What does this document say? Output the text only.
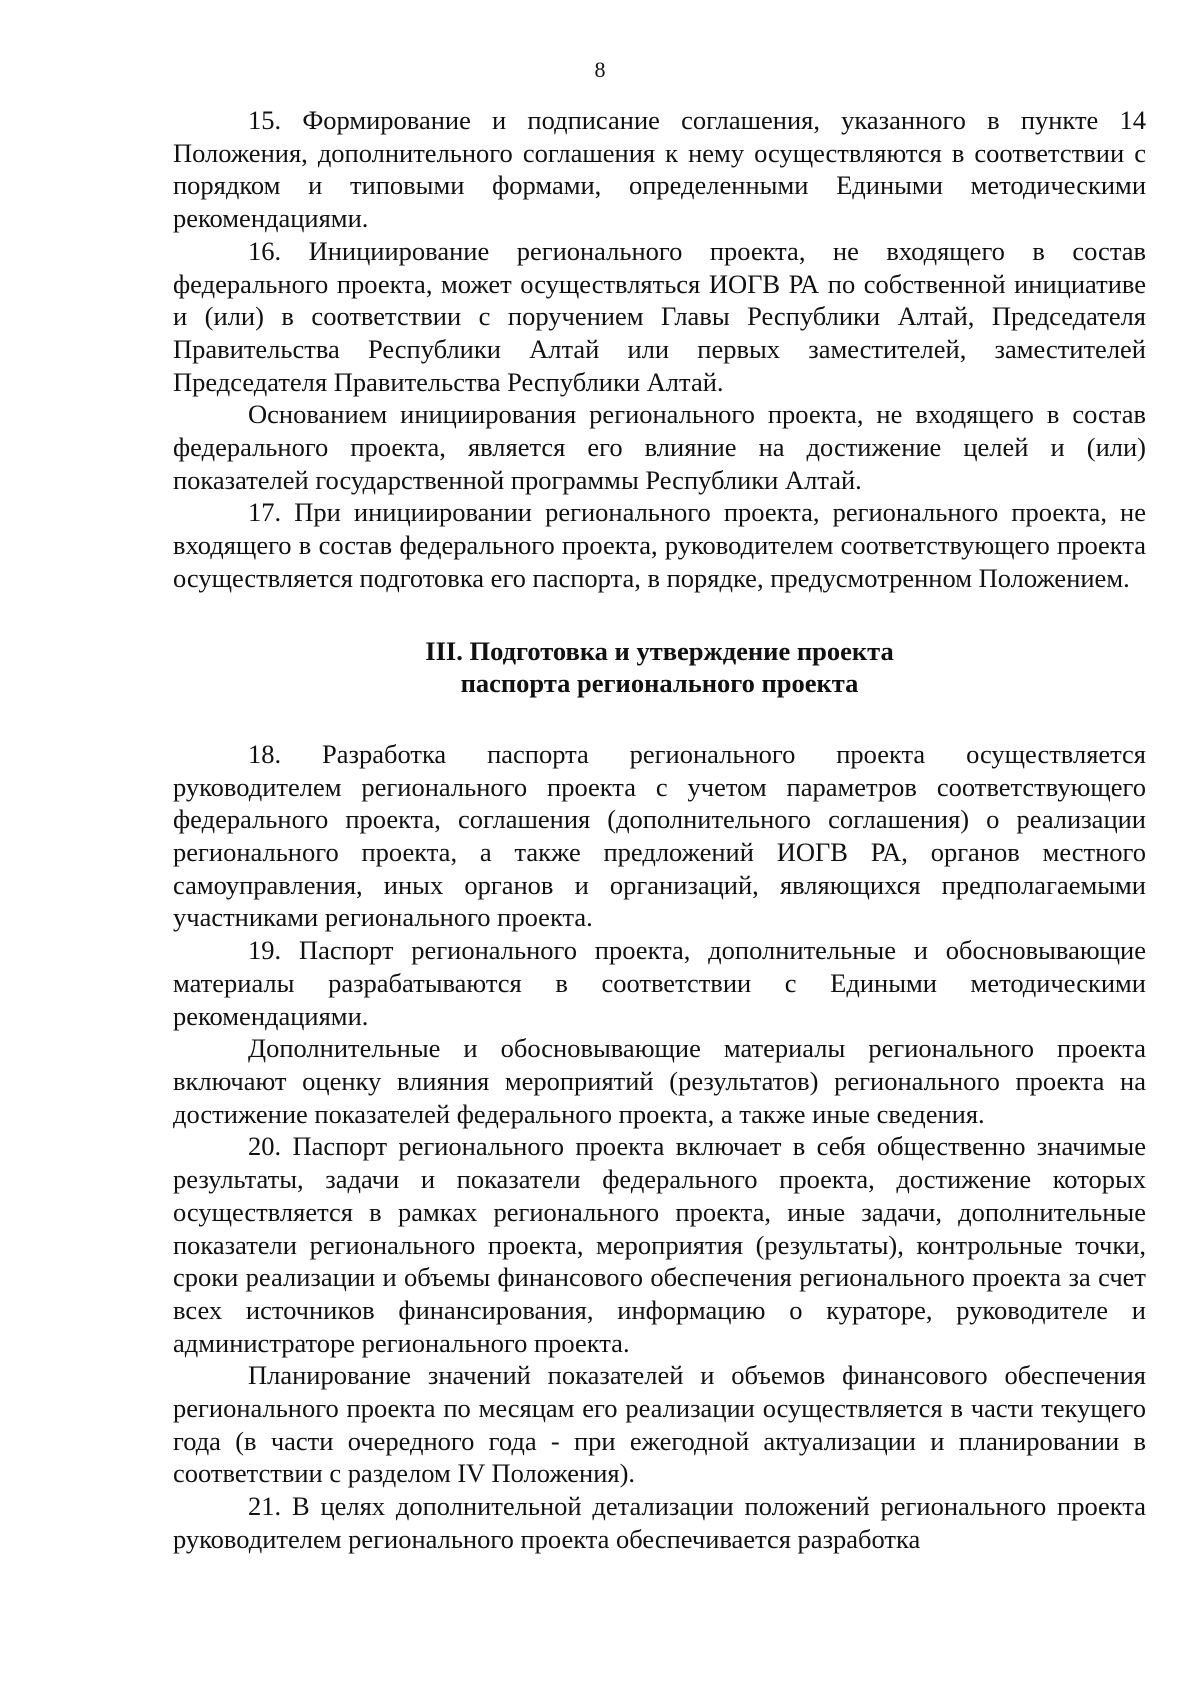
8

15. Формирование и подписание соглашения, указанного в пункте 14 Положения, дополнительного соглашения к нему осуществляются в соответствии с порядком и типовыми формами, определенными Едиными методическими рекомендациями.

16. Инициирование регионального проекта, не входящего в состав федерального проекта, может осуществляться ИОГВ РА по собственной инициативе и (или) в соответствии с поручением Главы Республики Алтай, Председателя Правительства Республики Алтай или первых заместителей, заместителей Председателя Правительства Республики Алтай.

Основанием инициирования регионального проекта, не входящего в состав федерального проекта, является его влияние на достижение целей и (или) показателей государственной программы Республики Алтай.

17. При инициировании регионального проекта, регионального проекта, не входящего в состав федерального проекта, руководителем соответствующего проекта осуществляется подготовка его паспорта, в порядке, предусмотренном Положением.

III. Подготовка и утверждение проекта
паспорта регионального проекта

18. Разработка паспорта регионального проекта осуществляется руководителем регионального проекта с учетом параметров соответствующего федерального проекта, соглашения (дополнительного соглашения) о реализации регионального проекта, а также предложений ИОГВ РА, органов местного самоуправления, иных органов и организаций, являющихся предполагаемыми участниками регионального проекта.

19. Паспорт регионального проекта, дополнительные и обосновывающие материалы разрабатываются в соответствии с Едиными методическими рекомендациями.

Дополнительные и обосновывающие материалы регионального проекта включают оценку влияния мероприятий (результатов) регионального проекта на достижение показателей федерального проекта, а также иные сведения.

20. Паспорт регионального проекта включает в себя общественно значимые результаты, задачи и показатели федерального проекта, достижение которых осуществляется в рамках регионального проекта, иные задачи, дополнительные показатели регионального проекта, мероприятия (результаты), контрольные точки, сроки реализации и объемы финансового обеспечения регионального проекта за счет всех источников финансирования, информацию о кураторе, руководителе и администраторе регионального проекта.

Планирование значений показателей и объемов финансового обеспечения регионального проекта по месяцам его реализации осуществляется в части текущего года (в части очередного года - при ежегодной актуализации и планировании в соответствии с разделом IV Положения).

21. В целях дополнительной детализации положений регионального проекта руководителем регионального проекта обеспечивается разработка
